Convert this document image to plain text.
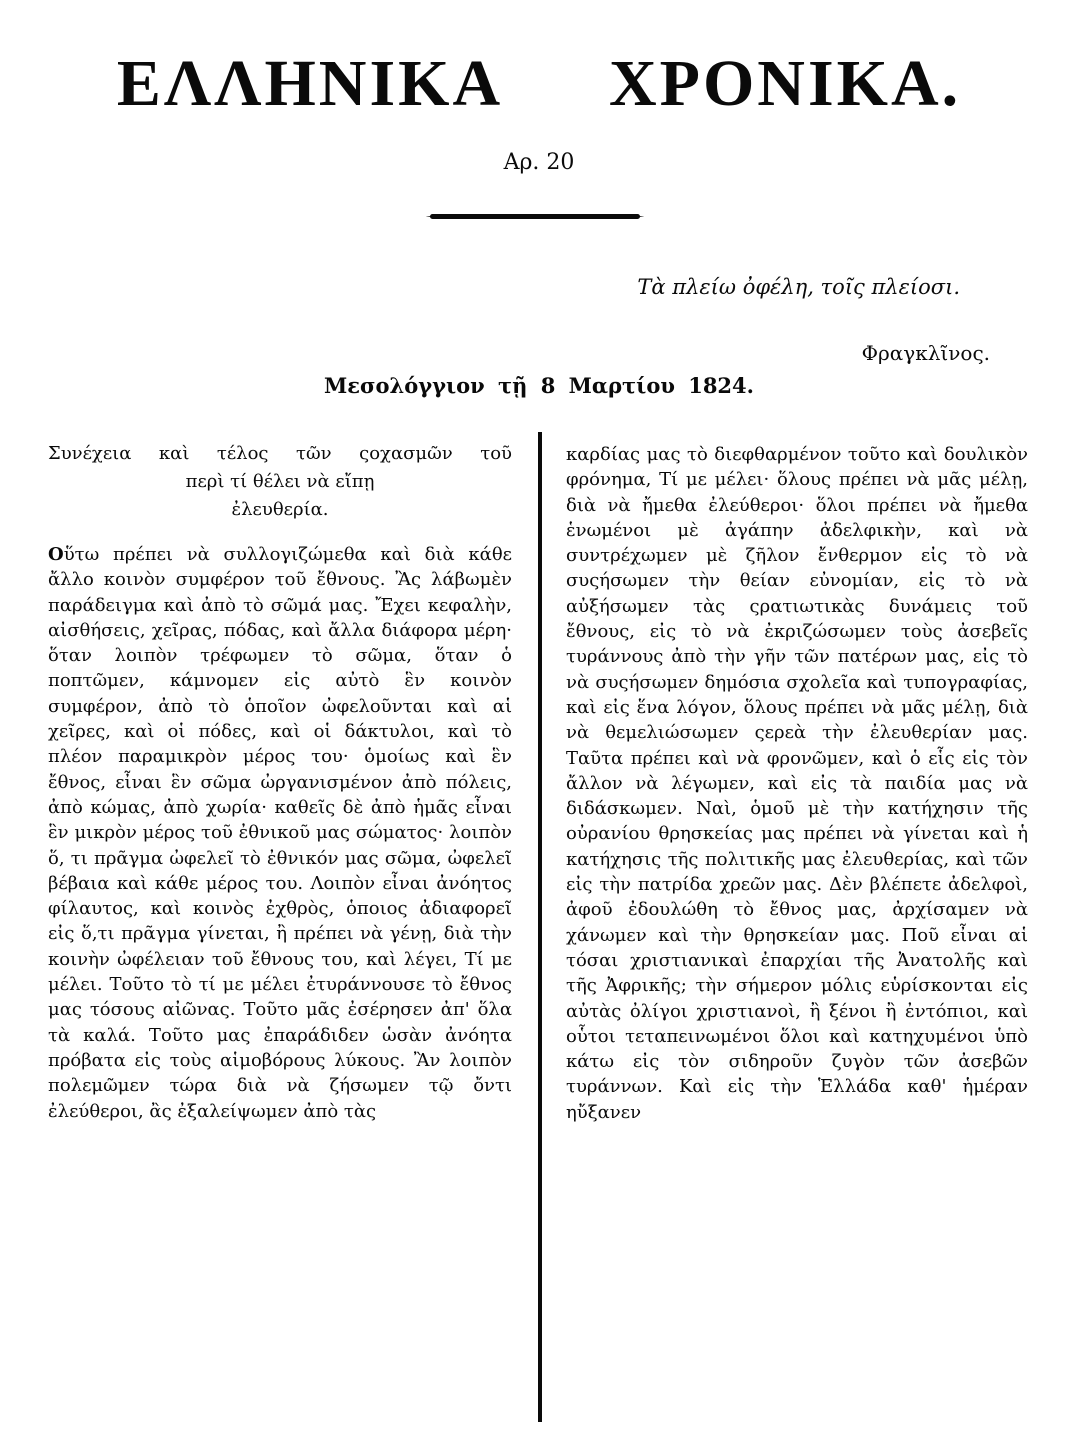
ΕΛΛΗΝΙΚΑ ΧΡΟΝΙΚΑ.
Αρ. 20
Τὰ πλείω ὀφέλη, τοῖς πλείοσι.
Φραγκλῖνος.
Μεσολόγγιον τῇ 8 Μαρτίου 1824.
Συνέχεια καὶ τέλος τῶν ςοχασμῶν τοῦ
περὶ τί θέλει νὰ εἴπῃ
ἐλευθερία.

Οὕτω πρέπει νὰ συλλογιζώμεθα καὶ διὰ κάθε ἄλλο κοινὸν συμφέρον τοῦ ἔθνους. Ἂς λάβωμὲν παράδειγμα καὶ ἀπὸ τὸ σῶμά μας. Ἔχει κεφαλὴν, αἰσθήσεις, χεῖρας, πόδας, καὶ ἄλλα διάφορα μέρη· ὅταν λοιπὸν τρέφωμεν τὸ σῶμα, ὅταν ὁ ποπτῶμεν, κάμνομεν εἰς αὐτὸ ἓν κοινὸν συμφέρον, ἀπὸ τὸ ὁποῖον ὠφελοῦνται καὶ αἱ χεῖρες, καὶ οἱ πόδες, καὶ οἱ δάκτυλοι, καὶ τὸ πλέον παραμικρὸν μέρος του· ὁμοίως καὶ ἓν ἔθνος, εἶναι ἓν σῶμα ὠργανισμένον ἀπὸ πόλεις, ἀπὸ κώμας, ἀπὸ χωρία· καθεῖς δὲ ἀπὸ ἡμᾶς εἶναι ἓν μικρὸν μέρος τοῦ ἐθνικοῦ μας σώματος· λοιπὸν ὅ, τι πρᾶγμα ὠφελεῖ τὸ ἐθνικόν μας σῶμα, ὠφελεῖ βέβαια καὶ κάθε μέρος του. Λοιπὸν εἶναι ἀνόητος φίλαυτος, καὶ κοινὸς ἐχθρὸς, ὁποιος ἀδιαφορεῖ εἰς ὅ,τι πρᾶγμα γίνεται, ἢ πρέπει νὰ γένῃ, διὰ τὴν κοινὴν ὠφέλειαν τοῦ ἔθνους του, καὶ λέγει, Τί με μέλει. Τοῦτο τὸ τί με μέλει ἐτυράννουσε τὸ ἔθνος μας τόσους αἰῶνας. Τοῦτο μᾶς ἐσέρησεν ἀπ' ὅλα τὰ καλά. Τοῦτο μας ἐπαράδιδεν ὡσὰν ἀνόητα πρόβατα εἰς τοὺς αἱμοβόρους λύκους. Ἂν λοιπὸν πολεμῶμεν τώρα διὰ νὰ ζήσωμεν τῷ ὄντι ἐλεύθεροι, ἂς ἐξαλείψωμεν ἀπὸ τὰς

καρδίας μας τὸ διεφθαρμένον τοῦτο καὶ δουλικὸν φρόνημα, Τί με μέλει· ὅλους πρέπει νὰ μᾶς μέλῃ, διὰ νὰ ἤμεθα ἐλεύθεροι· ὅλοι πρέπει νὰ ἤμεθα ἑνωμένοι μὲ ἀγάπην ἀδελφικὴν, καὶ νὰ συντρέχωμεν μὲ ζῆλον ἔνθερμον εἰς τὸ νὰ συςήσωμεν τὴν θείαν εὐνομίαν, εἰς τὸ νὰ αὐξήσωμεν τὰς ςρατιωτικὰς δυνάμεις τοῦ ἔθνους, εἰς τὸ νὰ ἐκριζώσωμεν τοὺς ἀσεβεῖς τυράννους ἀπὸ τὴν γῆν τῶν πατέρων μας, εἰς τὸ νὰ συςήσωμεν δημόσια σχολεῖα καὶ τυπογραφίας, καὶ εἰς ἕνα λόγον, ὅλους πρέπει νὰ μᾶς μέλῃ, διὰ νὰ θεμελιώσωμεν ςερεὰ τὴν ἐλευθερίαν μας. Ταῦτα πρέπει καὶ νὰ φρονῶμεν, καὶ ὁ εἷς εἰς τὸν ἄλλον νὰ λέγωμεν, καὶ εἰς τὰ παιδία μας νὰ διδάσκωμεν. Ναὶ, ὁμοῦ μὲ τὴν κατήχησιν τῆς οὐρανίου θρησκείας μας πρέπει νὰ γίνεται καὶ ἡ κατήχησις τῆς πολιτικῆς μας ἐλευθερίας, καὶ τῶν εἰς τὴν πατρίδα χρεῶν μας. Δὲν βλέπετε ἀδελφοὶ, ἀφοῦ ἐδουλώθη τὸ ἔθνος μας, ἀρχίσαμεν νὰ χάνωμεν καὶ τὴν θρησκείαν μας. Ποῦ εἶναι αἱ τόσαι χριστιανικαὶ ἐπαρχίαι τῆς Ἀνατολῆς καὶ τῆς Ἀφρικῆς; τὴν σήμερον μόλις εὑρίσκονται εἰς αὐτὰς ὀλίγοι χριστιανοὶ, ἢ ξένοι ἢ ἐντόπιοι, καὶ οὗτοι τεταπεινωμένοι ὅλοι καὶ κατηχυμένοι ὑπὸ κάτω εἰς τὸν σιδηροῦν ζυγὸν τῶν ἀσεβῶν τυράννων. Καὶ εἰς τὴν Ἑλλάδα καθ' ἡμέραν ηὔξανεν
